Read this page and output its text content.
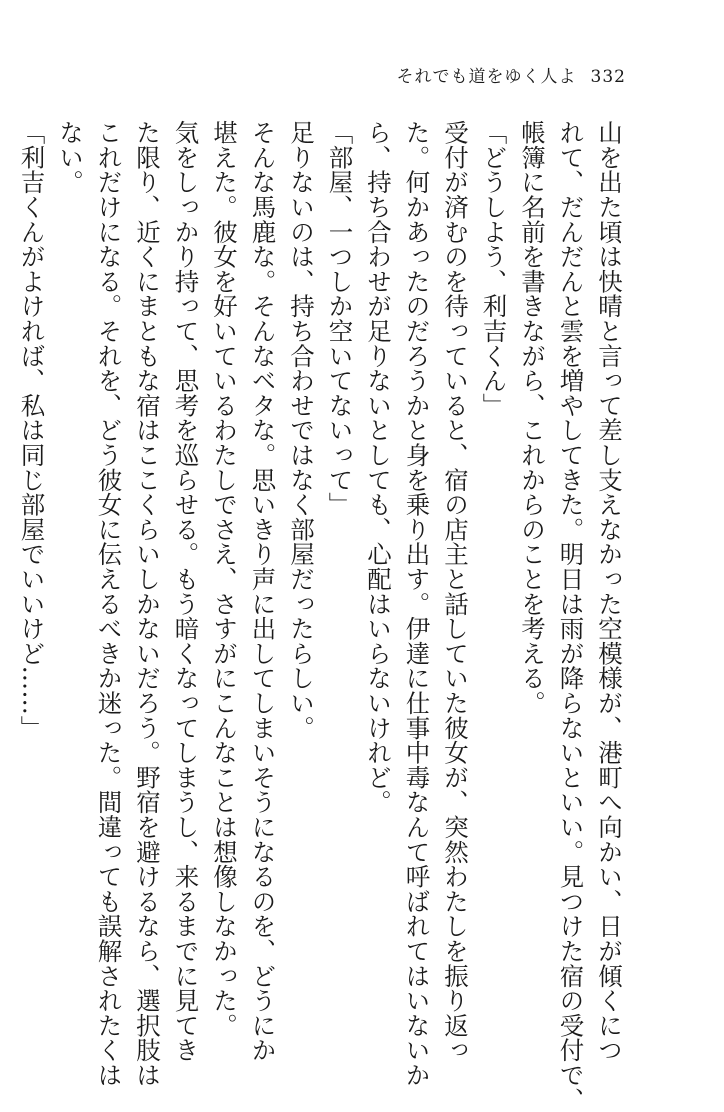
それでも道をゆく人よ 332

山を出た頃は快晴と言って差し支えなかった空模様が、港町へ向かい、日が傾くにつ

れて、だんだんと雲を増やしてきた。明日は雨が降らないといい。見つけた宿の受付で、

帳簿に名前を書きながら、これからのことを考える。

「どうしよう、利吉くん」

受付が済むのを待っていると、宿の店主と話していた彼女が、突然わたしを振り返っ

た。何かあったのだろうかと身を乗り出す。伊達に仕事中毒なんて呼ばれてはいないか

ら、持ち合わせが足りないとしても、心配はいらないけれど。

「部屋、一つしか空いてないって」

足りないのは、持ち合わせではなく部屋だったらしい。

そんな馬鹿な。そんなベタな。思いきり声に出してしまいそうになるのを、どうにか

堪えた。彼女を好いているわたしでさえ、さすがにこんなことは想像しなかった。

気をしっかり持って、思考を巡らせる。もう暗くなってしまうし、来るまでに見てき

た限り、近くにまともな宿はここくらいしかないだろう。野宿を避けるなら、選択肢は

これだけになる。それを、どう彼女に伝えるべきか迷った。間違っても誤解されたくは

ない。

「利吉くんがよければ、私は同じ部屋でいいけど……」
